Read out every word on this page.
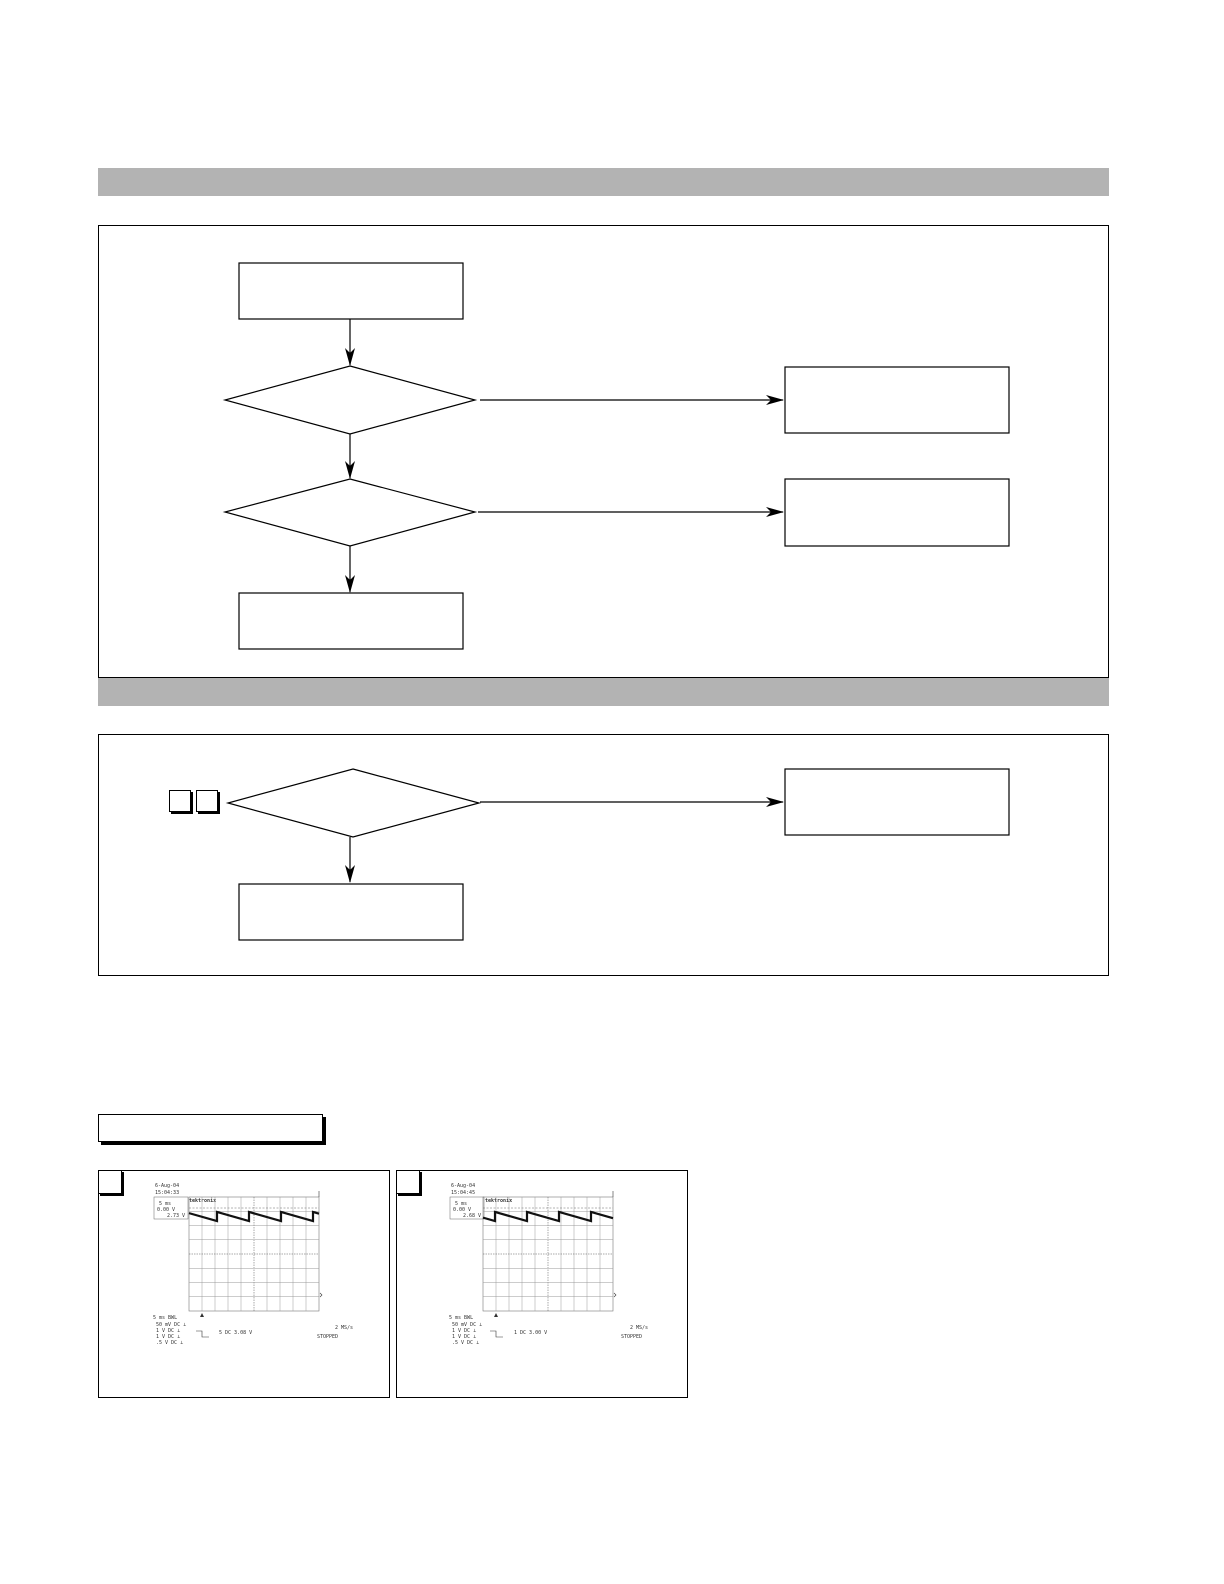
6-Aug-04
15:04:33
5 ms
0.00 V
2.73 V
tektronix
5 ms BWL
50 mV DC ⊥
1 V DC ⊥
1 V DC ⊥
.5 V DC ⊥
5 DC 3.08 V
2 MS/s
STOPPED
6-Aug-04
15:04:45
5 ms
0.00 V
2.68 V
tektronix
5 ms BWL
50 mV DC ⊥
1 V DC ⊥
1 V DC ⊥
.5 V DC ⊥
1 DC 3.00 V
2 MS/s
STOPPED
